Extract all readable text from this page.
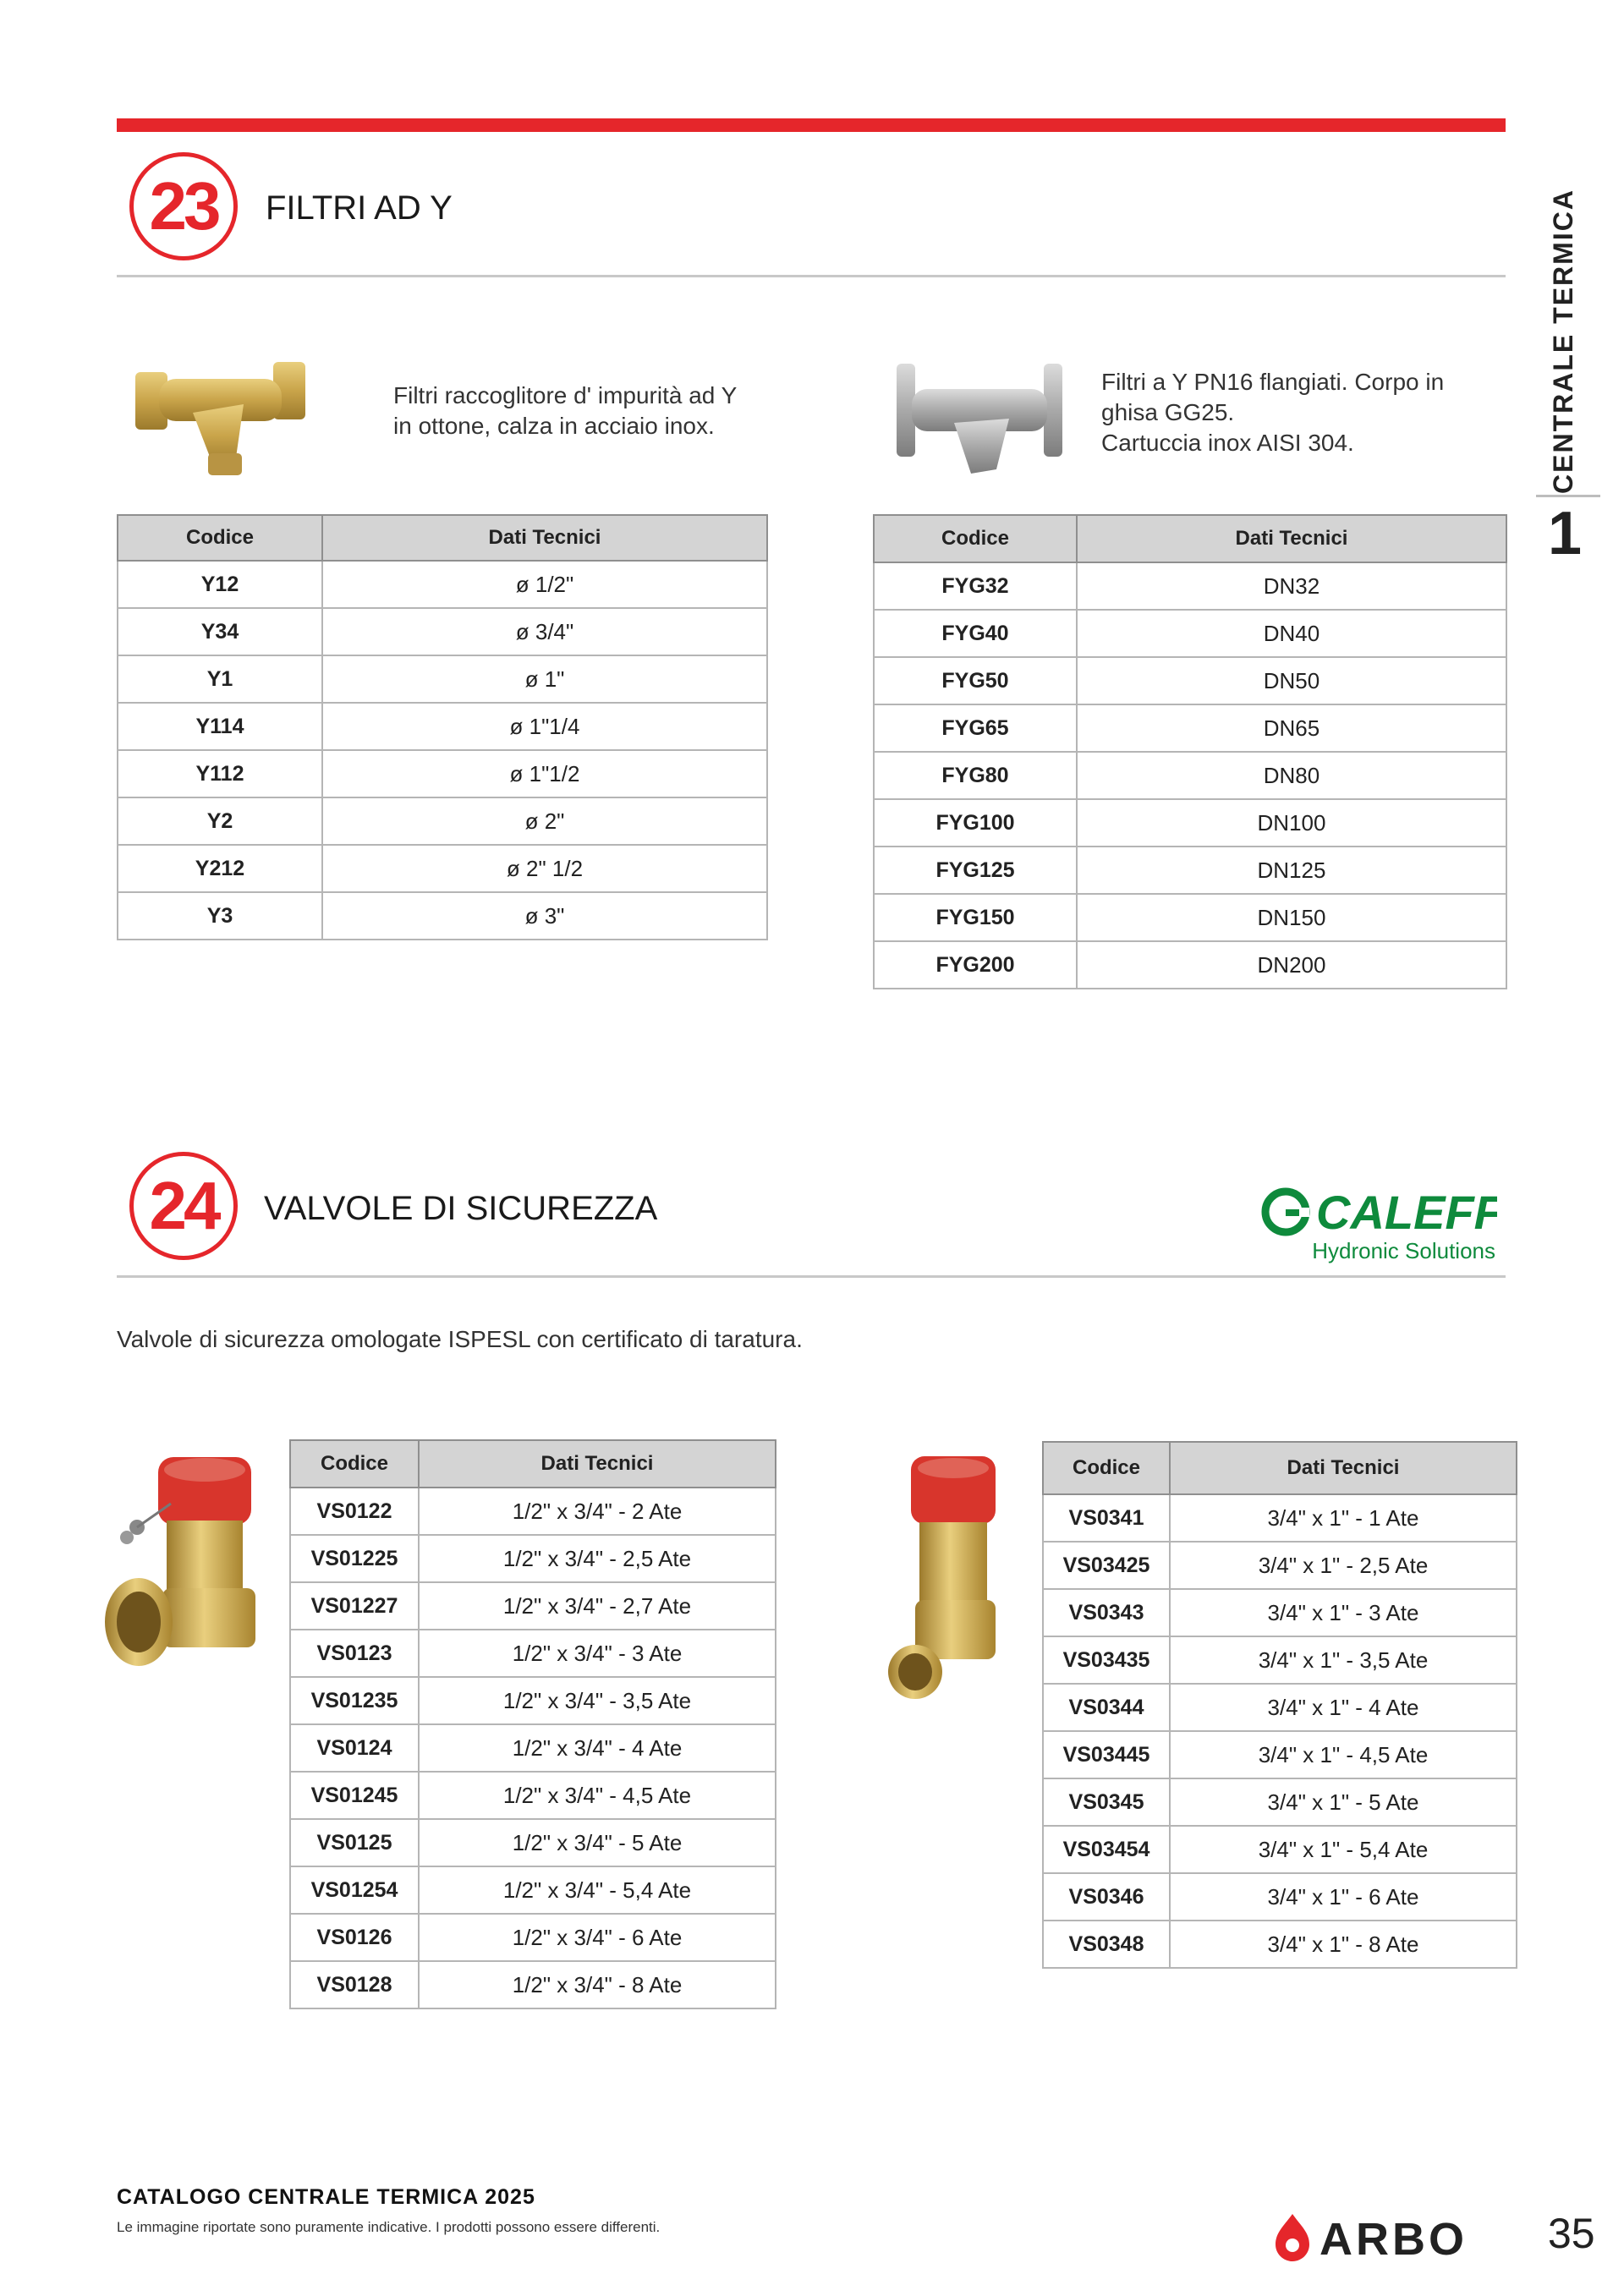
CENTRALE TERMICA
1
23	FILTRI AD Y
Filtri raccoglitore d' impurità ad Y
in ottone, calza in acciaio inox.
Filtri a Y PN16 flangiati. Corpo in
ghisa GG25.
Cartuccia inox AISI 304.
Codice	Dati Tecnici
Y12	ø 1/2"
Y34	ø 3/4"
Y1	ø 1"
Y114	ø 1"1/4
Y112	ø 1"1/2
Y2	ø 2"
Y212	ø 2" 1/2
Y3	ø 3"
Codice	Dati Tecnici
FYG32	DN32
FYG40	DN40
FYG50	DN50
FYG65	DN65
FYG80	DN80
FYG100	DN100
FYG125	DN125
FYG150	DN150
FYG200	DN200
24	VALVOLE DI SICUREZZA	CALEFFI
Hydronic Solutions
Valvole di sicurezza omologate ISPESL con certificato di taratura.
Codice	Dati Tecnici
VS0122	1/2" x 3/4" - 2 Ate
VS01225	1/2" x 3/4" - 2,5 Ate
VS01227	1/2" x 3/4" - 2,7 Ate
VS0123	1/2" x 3/4" - 3 Ate
VS01235	1/2" x 3/4" - 3,5 Ate
VS0124	1/2" x 3/4" - 4 Ate
VS01245	1/2" x 3/4" - 4,5 Ate
VS0125	1/2" x 3/4" - 5 Ate
VS01254	1/2" x 3/4" - 5,4 Ate
VS0126	1/2" x 3/4" - 6 Ate
VS0128	1/2" x 3/4" - 8 Ate
Codice	Dati Tecnici
VS0341	3/4" x 1" - 1 Ate
VS03425	3/4" x 1" - 2,5 Ate
VS0343	3/4" x 1" - 3 Ate
VS03435	3/4" x 1" - 3,5 Ate
VS0344	3/4" x 1" - 4 Ate
VS03445	3/4" x 1" - 4,5 Ate
VS0345	3/4" x 1" - 5 Ate
VS03454	3/4" x 1" - 5,4 Ate
VS0346	3/4" x 1" - 6 Ate
VS0348	3/4" x 1" - 8 Ate
CATALOGO CENTRALE TERMICA 2025
Le immagine riportate sono puramente indicative. I prodotti possono essere differenti.	ARBO 35
